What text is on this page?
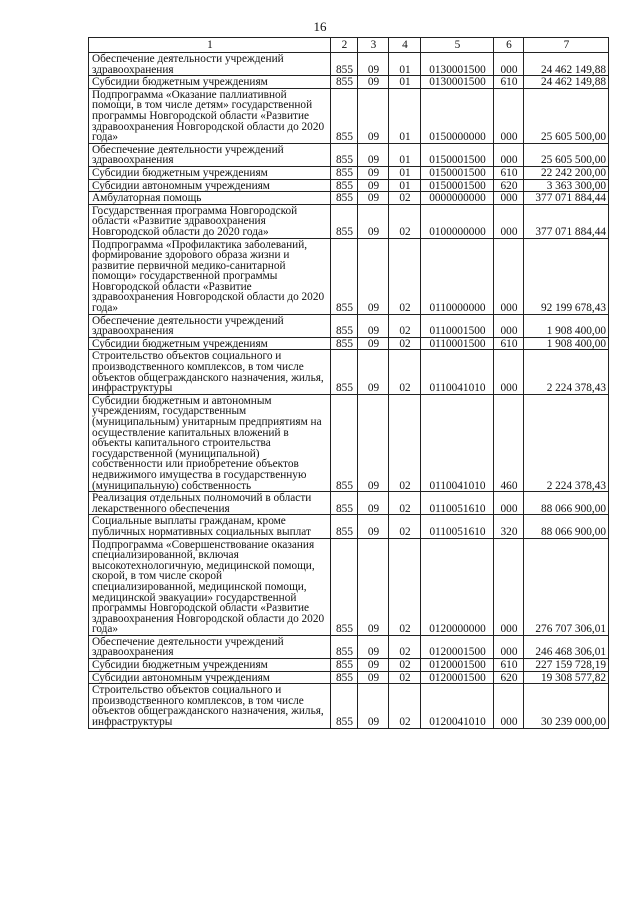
16
1	2	3	4	5	6	7
Обеспечение деятельности учреждений здравоохранения	855	09	01	0130001500	000	24 462 149,88
Субсидии бюджетным учреждениям	855	09	01	0130001500	610	24 462 149,88
Подпрограмма «Оказание паллиативной помощи, в том числе детям» государственной программы Новгородской области «Развитие здравоохранения Новгородской области до 2020 года»	855	09	01	0150000000	000	25 605 500,00
Обеспечение деятельности учреждений здравоохранения	855	09	01	0150001500	000	25 605 500,00
Субсидии бюджетным учреждениям	855	09	01	0150001500	610	22 242 200,00
Субсидии автономным учреждениям	855	09	01	0150001500	620	3 363 300,00
Амбулаторная помощь	855	09	02	0000000000	000	377 071 884,44
Государственная программа Новгородской области «Развитие здравоохранения Новгородской области до 2020 года»	855	09	02	0100000000	000	377 071 884,44
Подпрограмма «Профилактика заболеваний, формирование здорового образа жизни и развитие первичной медико-санитарной помощи» государственной программы Новгородской области «Развитие здравоохранения Новгородской области до 2020 года»	855	09	02	0110000000	000	92 199 678,43
Обеспечение деятельности учреждений здравоохранения	855	09	02	0110001500	000	1 908 400,00
Субсидии бюджетным учреждениям	855	09	02	0110001500	610	1 908 400,00
Строительство объектов социального и производственного комплексов, в том числе объектов общегражданского назначения, жилья, инфраструктуры	855	09	02	0110041010	000	2 224 378,43
Субсидии бюджетным и автономным учреждениям, государственным (муниципальным) унитарным предприятиям на осуществление капитальных вложений в объекты капитального строительства государственной (муниципальной) собственности или приобретение объектов недвижимого имущества в государственную (муниципальную) собственность	855	09	02	0110041010	460	2 224 378,43
Реализация отдельных полномочий в области лекарственного обеспечения	855	09	02	0110051610	000	88 066 900,00
Социальные выплаты гражданам, кроме публичных нормативных социальных выплат	855	09	02	0110051610	320	88 066 900,00
Подпрограмма «Совершенствование оказания специализированной, включая высокотехнологичную, медицинской помощи, скорой, в том числе скорой специализированной, медицинской помощи, медицинской эвакуации» государственной программы Новгородской области «Развитие здравоохранения Новгородской области до 2020 года»	855	09	02	0120000000	000	276 707 306,01
Обеспечение деятельности учреждений здравоохранения	855	09	02	0120001500	000	246 468 306,01
Субсидии бюджетным учреждениям	855	09	02	0120001500	610	227 159 728,19
Субсидии автономным учреждениям	855	09	02	0120001500	620	19 308 577,82
Строительство объектов социального и производственного комплексов, в том числе объектов общегражданского назначения, жилья, инфраструктуры	855	09	02	0120041010	000	30 239 000,00
